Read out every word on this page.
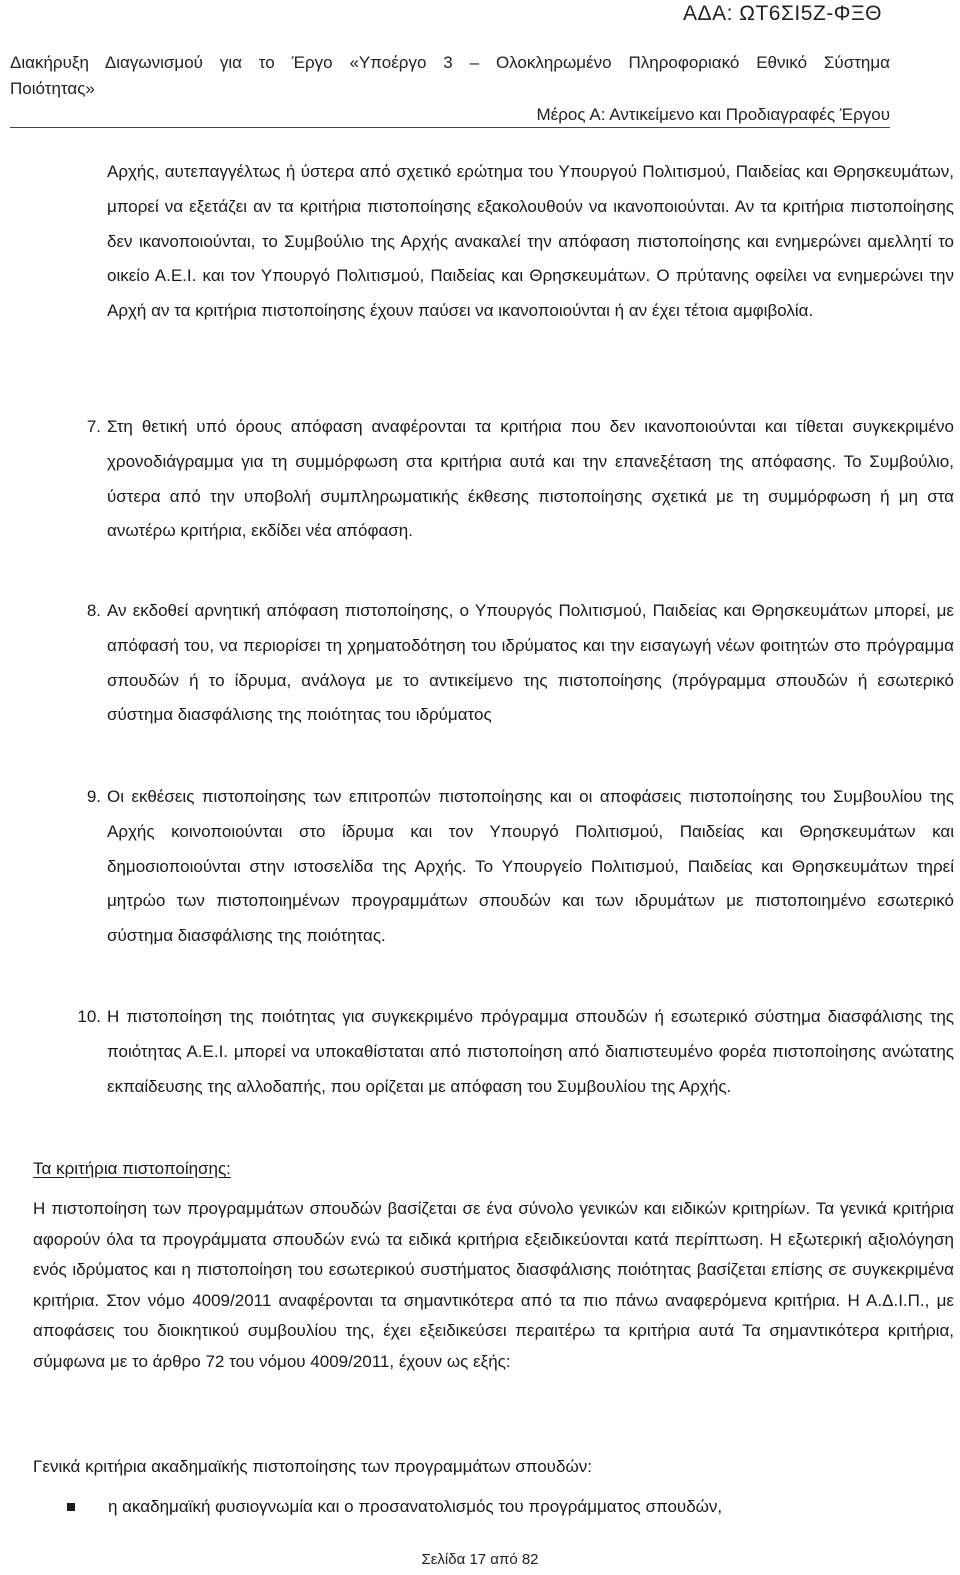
ΑΔΑ: ΩΤ6ΣΙ5Ζ-ΦΞΘ
Διακήρυξη Διαγωνισμού για το Έργο «Υποέργο 3 – Ολοκληρωμένο Πληροφοριακό Εθνικό Σύστημα
Ποιότητας»
Μέρος Α: Αντικείμενο και Προδιαγραφές Έργου
Αρχής, αυτεπαγγέλτως ή ύστερα από σχετικό ερώτημα του Υπουργού Πολιτισμού, Παιδείας και Θρησκευμάτων, μπορεί να εξετάζει αν τα κριτήρια πιστοποίησης εξακολουθούν να ικανοποιούνται. Αν τα κριτήρια πιστοποίησης δεν ικανοποιούνται, το Συμβούλιο της Αρχής ανακαλεί την απόφαση πιστοποίησης και ενημερώνει αμελλητί το οικείο Α.Ε.Ι. και τον Υπουργό Πολιτισμού, Παιδείας και Θρησκευμάτων. Ο πρύτανης οφείλει να ενημερώνει την Αρχή αν τα κριτήρια πιστοποίησης έχουν παύσει να ικανοποιούνται ή αν έχει τέτοια αμφιβολία.
7. Στη θετική υπό όρους απόφαση αναφέρονται τα κριτήρια που δεν ικανοποιούνται και τίθεται συγκεκριμένο χρονοδιάγραμμα για τη συμμόρφωση στα κριτήρια αυτά και την επανεξέταση της απόφασης. Το Συμβούλιο, ύστερα από την υποβολή συμπληρωματικής έκθεσης πιστοποίησης σχετικά με τη συμμόρφωση ή μη στα ανωτέρω κριτήρια, εκδίδει νέα απόφαση.
8. Αν εκδοθεί αρνητική απόφαση πιστοποίησης, ο Υπουργός Πολιτισμού, Παιδείας και Θρησκευμάτων μπορεί, με απόφασή του, να περιορίσει τη χρηματοδότηση του ιδρύματος και την εισαγωγή νέων φοιτητών στο πρόγραμμα σπουδών ή το ίδρυμα, ανάλογα με το αντικείμενο της πιστοποίησης (πρόγραμμα σπουδών ή εσωτερικό σύστημα διασφάλισης της ποιότητας του ιδρύματος
9. Οι εκθέσεις πιστοποίησης των επιτροπών πιστοποίησης και οι αποφάσεις πιστοποίησης του Συμβουλίου της Αρχής κοινοποιούνται στο ίδρυμα και τον Υπουργό Πολιτισμού, Παιδείας και Θρησκευμάτων και δημοσιοποιούνται στην ιστοσελίδα της Αρχής. Το Υπουργείο Πολιτισμού, Παιδείας και Θρησκευμάτων τηρεί μητρώο των πιστοποιημένων προγραμμάτων σπουδών και των ιδρυμάτων με πιστοποιημένο εσωτερικό σύστημα διασφάλισης της ποιότητας.
10. Η πιστοποίηση της ποιότητας για συγκεκριμένο πρόγραμμα σπουδών ή εσωτερικό σύστημα διασφάλισης της ποιότητας Α.Ε.Ι. μπορεί να υποκαθίσταται από πιστοποίηση από διαπιστευμένο φορέα πιστοποίησης ανώτατης εκπαίδευσης της αλλοδαπής, που ορίζεται με απόφαση του Συμβουλίου της Αρχής.
Τα κριτήρια πιστοποίησης:
Η πιστοποίηση των προγραμμάτων σπουδών βασίζεται σε ένα σύνολο γενικών και ειδικών κριτηρίων. Τα γενικά κριτήρια αφορούν όλα τα προγράμματα σπουδών ενώ τα ειδικά κριτήρια εξειδικεύονται κατά περίπτωση. Η εξωτερική αξιολόγηση ενός ιδρύματος και η πιστοποίηση του εσωτερικού συστήματος διασφάλισης ποιότητας βασίζεται επίσης σε συγκεκριμένα κριτήρια. Στον νόμο 4009/2011 αναφέρονται τα σημαντικότερα από τα πιο πάνω αναφερόμενα κριτήρια. Η Α.Δ.Ι.Π., με αποφάσεις του διοικητικού συμβουλίου της, έχει εξειδικεύσει περαιτέρω τα κριτήρια αυτά Τα σημαντικότερα κριτήρια, σύμφωνα με το άρθρο 72 του νόμου 4009/2011, έχουν ως εξής:
Γενικά κριτήρια ακαδημαϊκής πιστοποίησης των προγραμμάτων σπουδών:
η ακαδημαϊκή φυσιογνωμία και ο προσανατολισμός του προγράμματος σπουδών,
Σελίδα 17 από 82
